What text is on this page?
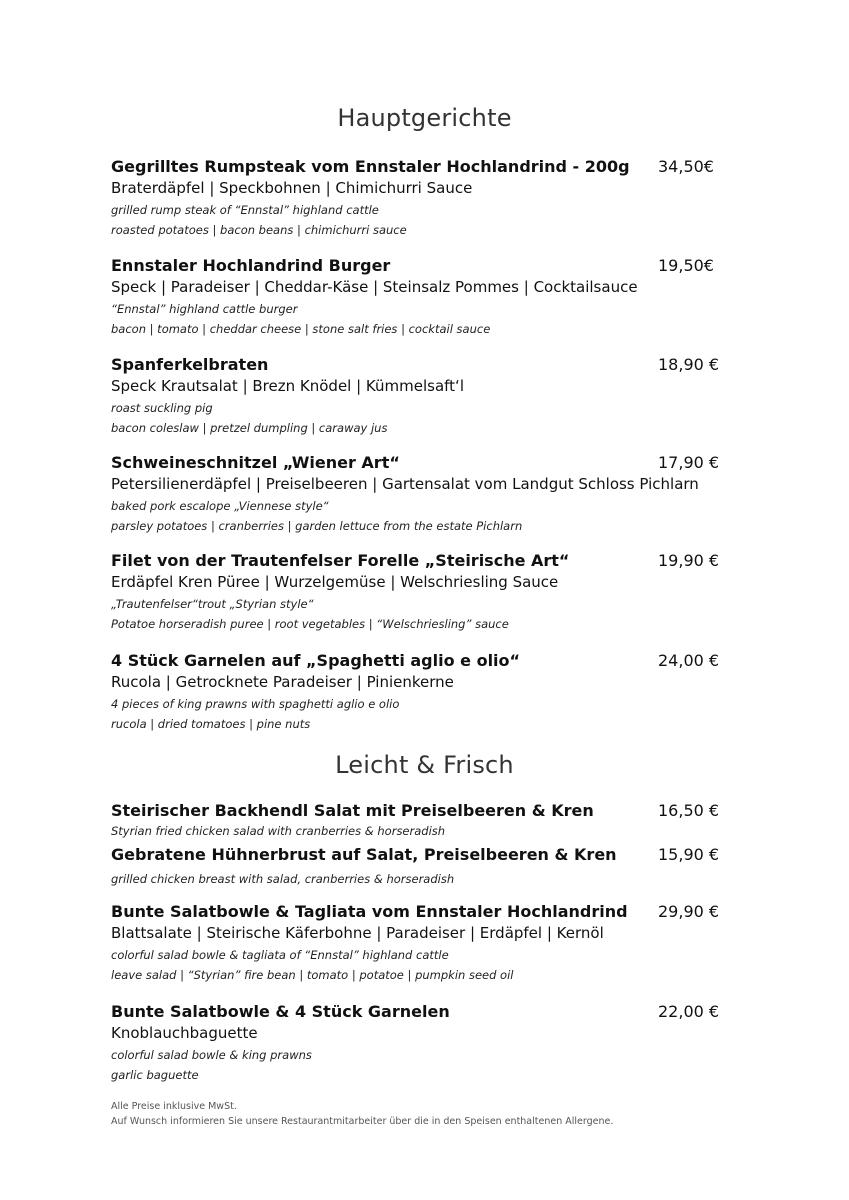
Hauptgerichte
Gegrilltes Rumpsteak vom Ennstaler Hochlandrind - 200g	34,50€
Braterdäpfel | Speckbohnen | Chimichurri Sauce
grilled rump steak of “Ennstal” highland cattle
roasted potatoes | bacon beans | chimichurri sauce
Ennstaler Hochlandrind Burger	19,50€
Speck | Paradeiser | Cheddar-Käse | Steinsalz Pommes | Cocktailsauce
“Ennstal” highland cattle burger
bacon | tomato | cheddar cheese | stone salt fries | cocktail sauce
Spanferkelbraten	18,90 €
Speck Krautsalat | Brezn Knödel | Kümmelsaft‘l
roast suckling pig
bacon coleslaw | pretzel dumpling | caraway jus
Schweineschnitzel „Wiener Art“	17,90 €
Petersilienerdäpfel | Preiselbeeren | Gartensalat vom Landgut Schloss Pichlarn
baked pork escalope „Viennese style“
parsley potatoes | cranberries | garden lettuce from the estate Pichlarn
Filet von der Trautenfelser Forelle „Steirische Art“	19,90 €
Erdäpfel Kren Püree | Wurzelgemüse | Welschriesling Sauce
„Trautenfelser“trout „Styrian style“
Potatoe horseradish puree | root vegetables | “Welschriesling” sauce
4 Stück Garnelen auf „Spaghetti aglio e olio“	24,00 €
Rucola | Getrocknete Paradeiser | Pinienkerne
4 pieces of king prawns with spaghetti aglio e olio
rucola | dried tomatoes | pine nuts
Leicht & Frisch
Steirischer Backhendl Salat mit Preiselbeeren & Kren	16,50 €
Styrian fried chicken salad with cranberries & horseradish
Gebratene Hühnerbrust auf Salat, Preiselbeeren & Kren	15,90 €
grilled chicken breast with salad, cranberries & horseradish
Bunte Salatbowle & Tagliata vom Ennstaler Hochlandrind	29,90 €
Blattsalate | Steirische Käferbohne | Paradeiser | Erdäpfel | Kernöl
colorful salad bowle & tagliata of “Ennstal” highland cattle
leave salad | “Styrian” fire bean | tomato | potatoe | pumpkin seed oil
Bunte Salatbowle & 4 Stück Garnelen	22,00 €
Knoblauchbaguette
colorful salad bowle & king prawns
garlic baguette
Alle Preise inklusive MwSt.
Auf Wunsch informieren Sie unsere Restaurantmitarbeiter über die in den Speisen enthaltenen Allergene.
